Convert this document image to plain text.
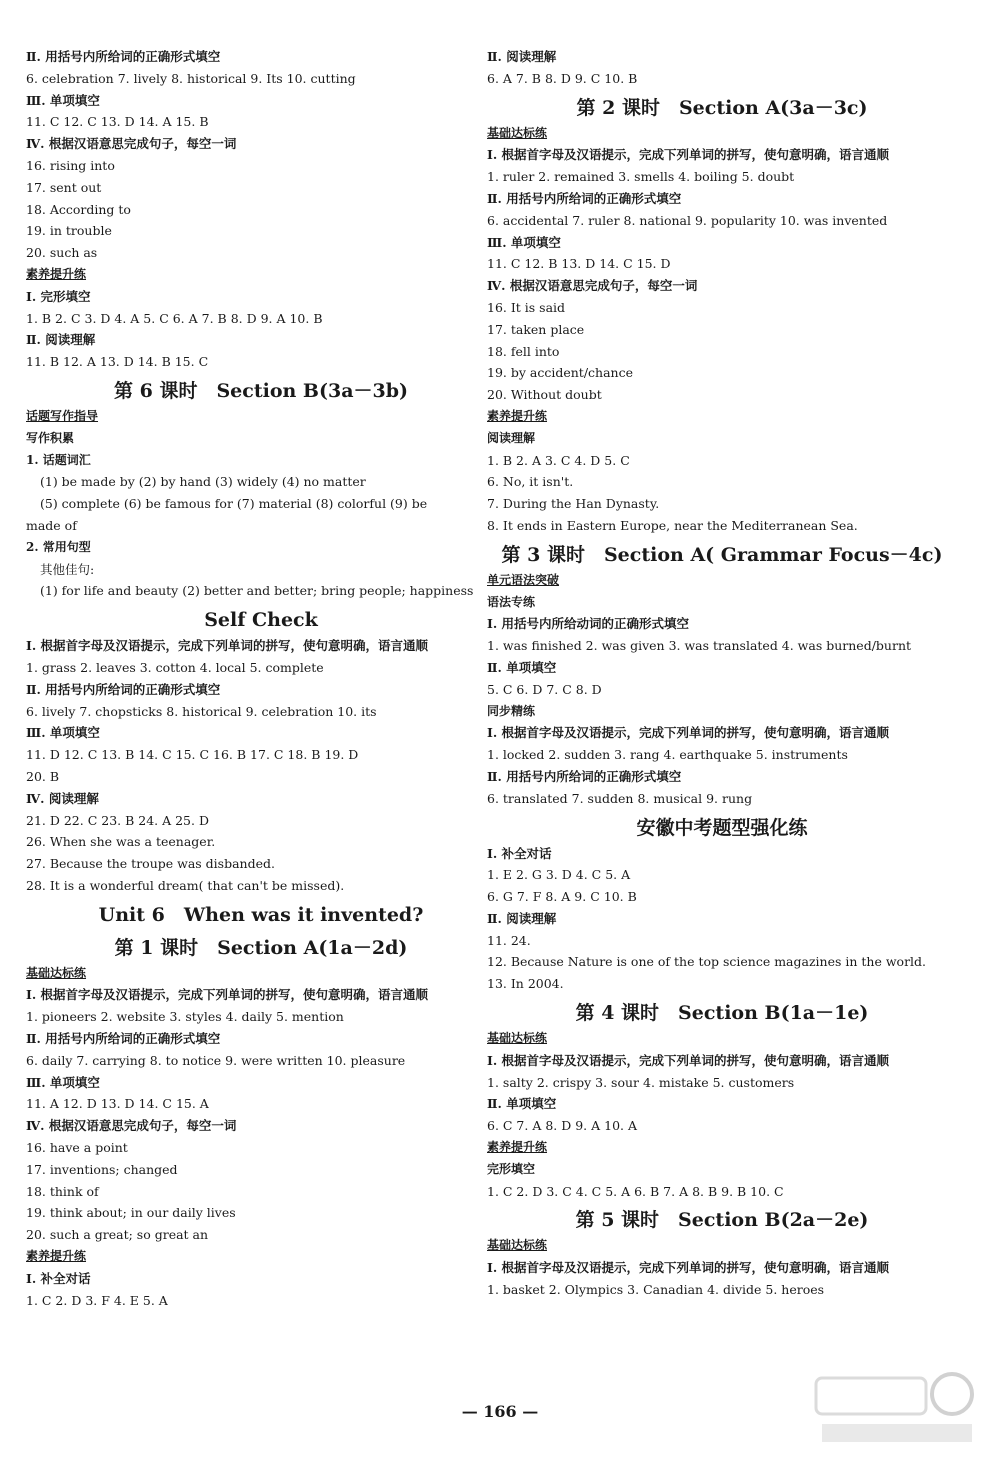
Ⅱ. 用括号内所给词的正确形式填空
6. celebration 7. lively 8. historical 9. Its 10. cutting
Ⅲ. 单项填空
11. C 12. C 13. D 14. A 15. B
Ⅳ. 根据汉语意思完成句子，每空一词
16. rising into
17. sent out
18. According to
19. in trouble
20. such as
素养提升练
Ⅰ. 完形填空
1. B 2. C 3. D 4. A 5. C 6. A 7. B 8. D 9. A 10. B
Ⅱ. 阅读理解
11. B 12. A 13. D 14. B 15. C
第 6 课时　Section B(3a－3b)
话题写作指导
写作积累
1. 话题词汇
(1) be made by (2) by hand (3) widely (4) no matter
(5) complete (6) be famous for (7) material (8) colorful (9) be
made of
2. 常用句型
其他佳句:
(1) for life and beauty (2) better and better; bring people; happiness
Self Check
Ⅰ. 根据首字母及汉语提示，完成下列单词的拼写，使句意明确，语言通顺
1. grass 2. leaves 3. cotton 4. local 5. complete
Ⅱ. 用括号内所给词的正确形式填空
6. lively 7. chopsticks 8. historical 9. celebration 10. its
Ⅲ. 单项填空
11. D 12. C 13. B 14. C 15. C 16. B 17. C 18. B 19. D
20. B
Ⅳ. 阅读理解
21. D 22. C 23. B 24. A 25. D
26. When she was a teenager.
27. Because the troupe was disbanded.
28. It is a wonderful dream( that can't be missed).
Unit 6　When was it invented?
第 1 课时　Section A(1a－2d)
基础达标练
Ⅰ. 根据首字母及汉语提示，完成下列单词的拼写，使句意明确，语言通顺
1. pioneers 2. website 3. styles 4. daily 5. mention
Ⅱ. 用括号内所给词的正确形式填空
6. daily 7. carrying 8. to notice 9. were written 10. pleasure
Ⅲ. 单项填空
11. A 12. D 13. D 14. C 15. A
Ⅳ. 根据汉语意思完成句子，每空一词
16. have a point
17. inventions; changed
18. think of
19. think about; in our daily lives
20. such a great; so great an
素养提升练
Ⅰ. 补全对话
1. C 2. D 3. F 4. E 5. A
Ⅱ. 阅读理解
6. A 7. B 8. D 9. C 10. B
第 2 课时　Section A(3a－3c)
基础达标练
Ⅰ. 根据首字母及汉语提示，完成下列单词的拼写，使句意明确，语言通顺
1. ruler 2. remained 3. smells 4. boiling 5. doubt
Ⅱ. 用括号内所给词的正确形式填空
6. accidental 7. ruler 8. national 9. popularity 10. was invented
Ⅲ. 单项填空
11. C 12. B 13. D 14. C 15. D
Ⅳ. 根据汉语意思完成句子，每空一词
16. It is said
17. taken place
18. fell into
19. by accident/chance
20. Without doubt
素养提升练
阅读理解
1. B 2. A 3. C 4. D 5. C
6. No, it isn't.
7. During the Han Dynasty.
8. It ends in Eastern Europe, near the Mediterranean Sea.
第 3 课时　Section A( Grammar Focus－4c)
单元语法突破
语法专练
Ⅰ. 用括号内所给动词的正确形式填空
1. was finished 2. was given 3. was translated 4. was burned/burnt
Ⅱ. 单项填空
5. C 6. D 7. C 8. D
同步精练
Ⅰ. 根据首字母及汉语提示，完成下列单词的拼写，使句意明确，语言通顺
1. locked 2. sudden 3. rang 4. earthquake 5. instruments
Ⅱ. 用括号内所给词的正确形式填空
6. translated 7. sudden 8. musical 9. rung
安徽中考题型强化练
Ⅰ. 补全对话
1. E 2. G 3. D 4. C 5. A
6. G 7. F 8. A 9. C 10. B
Ⅱ. 阅读理解
11. 24.
12. Because Nature is one of the top science magazines in the world.
13. In 2004.
第 4 课时　Section B(1a－1e)
基础达标练
Ⅰ. 根据首字母及汉语提示，完成下列单词的拼写，使句意明确，语言通顺
1. salty 2. crispy 3. sour 4. mistake 5. customers
Ⅱ. 单项填空
6. C 7. A 8. D 9. A 10. A
素养提升练
完形填空
1. C 2. D 3. C 4. C 5. A 6. B 7. A 8. B 9. B 10. C
第 5 课时　Section B(2a－2e)
基础达标练
Ⅰ. 根据首字母及汉语提示，完成下列单词的拼写，使句意明确，语言通顺
1. basket 2. Olympics 3. Canadian 4. divide 5. heroes
— 166 —
